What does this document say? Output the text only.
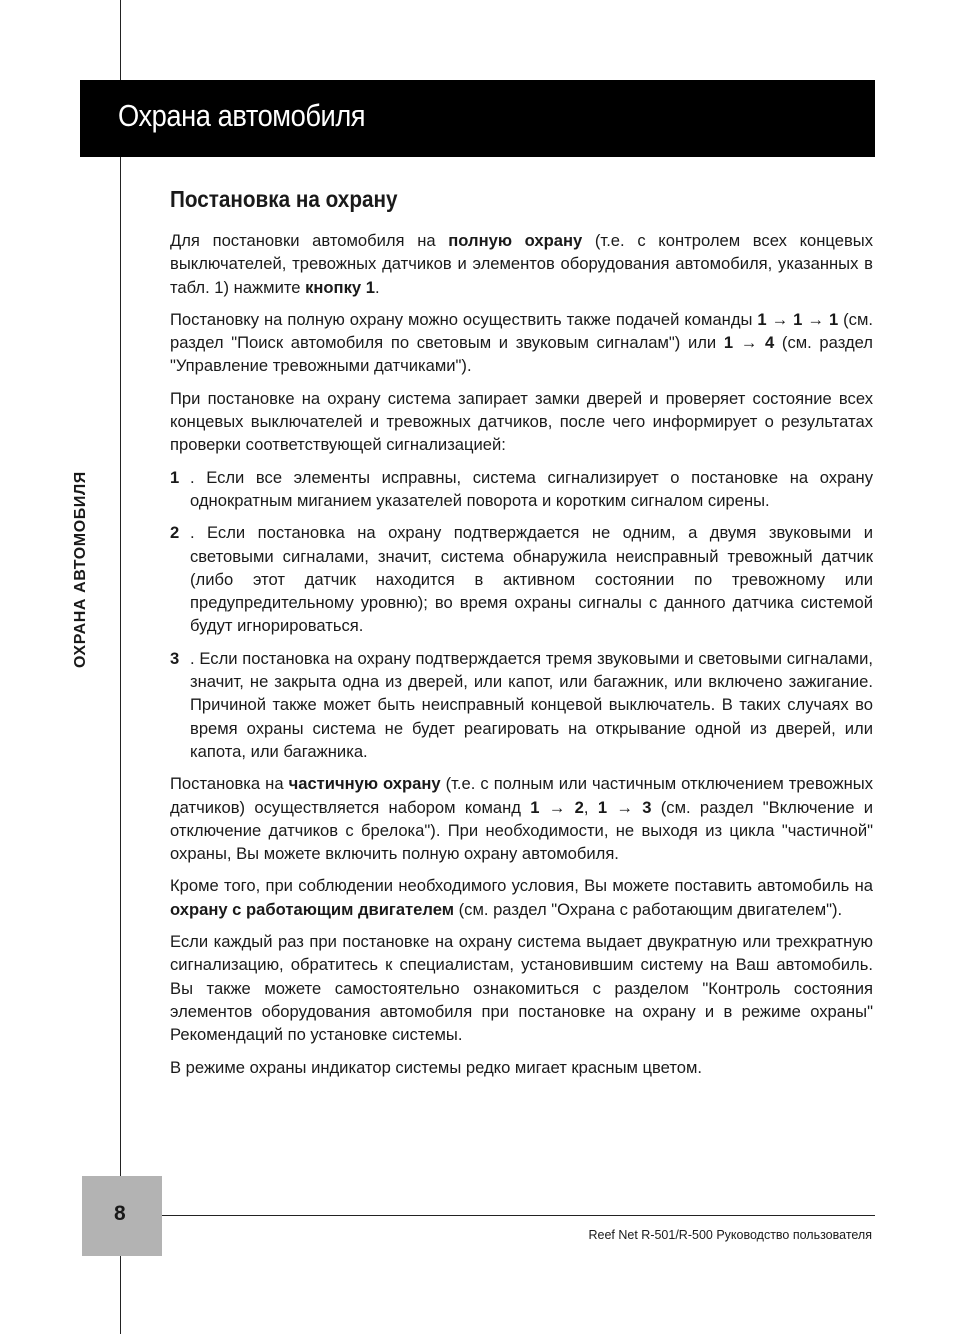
Охрана автомобиля
ОХРАНА АВТОМОБИЛЯ
Постановка на охрану

Для постановки автомобиля на полную охрану (т.е. с контролем всех концевых выключателей, тревожных датчиков и элементов оборудования автомобиля, указанных в табл. 1) нажмите кнопку 1.

Постановку на полную охрану можно осуществить также подачей команды 1 → 1 → 1 (см. раздел "Поиск автомобиля по световым и звуковым сигналам") или 1 → 4 (см. раздел "Управление тревожными датчиками").

При постановке на охрану система запирает замки дверей и проверяет состояние всех концевых выключателей и тревожных датчиков, после чего информирует о результатах проверки соответствующей сигнализацией:

1 . Если все элементы исправны, система сигнализирует о постановке на охрану однократным миганием указателей поворота и коротким сигналом сирены.

2 . Если постановка на охрану подтверждается не одним, а двумя звуковыми и световыми сигналами, значит, система обнаружила неисправный тревожный датчик (либо этот датчик находится в активном состоянии по тревожному или предупредительному уровню); во время охраны сигналы с данного датчика системой будут игнорироваться.

3 . Если постановка на охрану подтверждается тремя звуковыми и световыми сигналами, значит, не закрыта одна из дверей, или капот, или багажник, или включено зажигание. Причиной также может быть неисправный концевой выключатель. В таких случаях во время охраны система не будет реагировать на открывание одной из дверей, или капота, или багажника.

Постановка на частичную охрану (т.е. с полным или частичным отключением тревожных датчиков) осуществляется набором команд 1 → 2, 1 → 3 (см. раздел "Включение и отключение датчиков с брелока"). При необходимости, не выходя из цикла "частичной" охраны, Вы можете включить полную охрану автомобиля.

Кроме того, при соблюдении необходимого условия, Вы можете поставить автомобиль на охрану с работающим двигателем (см. раздел "Охрана с работающим двигателем").

Если каждый раз при постановке на охрану система выдает двукратную или трехкратную сигнализацию, обратитесь к специалистам, установившим систему на Ваш автомобиль. Вы также можете самостоятельно ознакомиться с разделом "Контроль состояния элементов оборудования автомобиля при постановке на охрану и в режиме охраны" Рекомендаций по установке системы.

В режиме охраны индикатор системы редко мигает красным цветом.

8
Reef Net R-501/R-500 Руководство пользователя
